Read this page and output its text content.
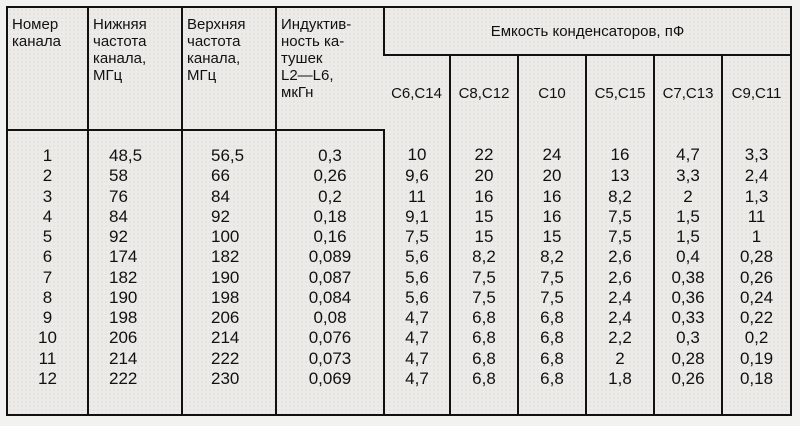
Номер
канала	Нижняя
частота
канала,
МГц	Верхняя
частота
канала,
МГц	Индуктив-
ность ка-
тушек
L2—L6,
мкГн	Емкость конденсаторов, пФ					
				C6,C14	C8,C12	C10	C5,C15	C7,C13	C9,C11
1	48,5	56,5	0,3	10	22	24	16	4,7	3,3
2	58	66	0,26	9,6	20	20	13	3,3	2,4
3	76	84	0,2	11	16	16	8,2	2	1,3
4	84	92	0,18	9,1	15	16	7,5	1,5	11
5	92	100	0,16	7,5	15	15	7,5	1,5	1
6	174	182	0,089	5,6	8,2	8,2	2,6	0,4	0,28
7	182	190	0,087	5,6	7,5	7,5	2,6	0,38	0,26
8	190	198	0,084	5,6	7,5	7,5	2,4	0,36	0,24
9	198	206	0,08	4,7	6,8	6,8	2,4	0,33	0,22
10	206	214	0,076	4,7	6,8	6,8	2,2	0,3	0,2
11	214	222	0,073	4,7	6,8	6,8	2	0,28	0,19
12	222	230	0,069	4,7	6,8	6,8	1,8	0,26	0,18
